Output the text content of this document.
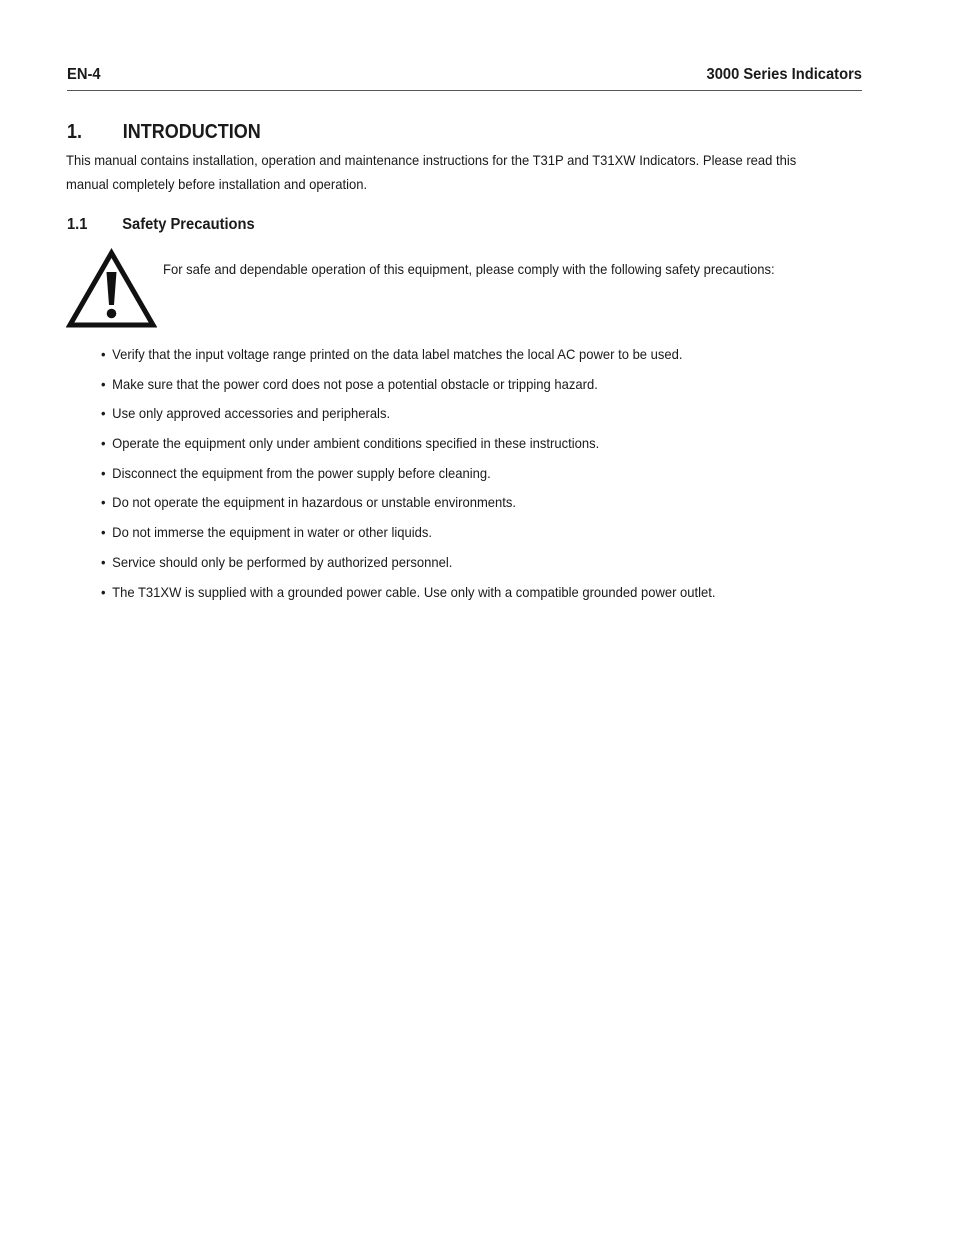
EN-4	3000 Series Indicators
1. INTRODUCTION
This manual contains installation, operation and maintenance instructions for the T31P and T31XW Indicators. Please read this manual completely before installation and operation.
1.1 Safety Precautions
For safe and dependable operation of this equipment, please comply with the following safety precautions:
• Verify that the input voltage range printed on the data label matches the local AC power to be used.
• Make sure that the power cord does not pose a potential obstacle or tripping hazard.
• Use only approved accessories and peripherals.
• Operate the equipment only under ambient conditions specified in these instructions.
• Disconnect the equipment from the power supply before cleaning.
• Do not operate the equipment in hazardous or unstable environments.
• Do not immerse the equipment in water or other liquids.
• Service should only be performed by authorized personnel.
• The T31XW is supplied with a grounded power cable. Use only with a compatible grounded power outlet.
